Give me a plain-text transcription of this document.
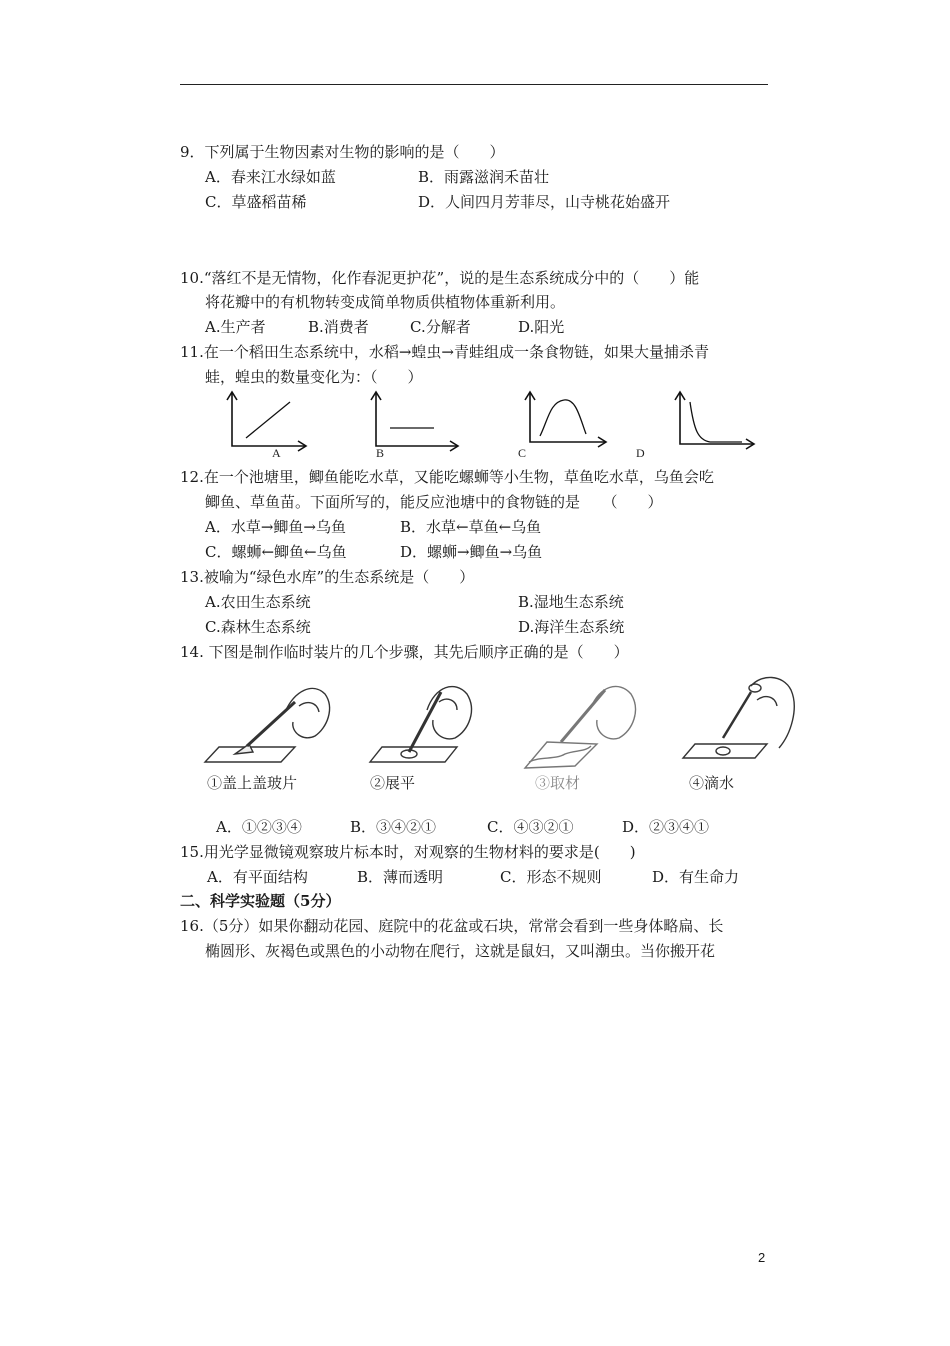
9．下列属于生物因素对生物的影响的是（　　）
A．春来江水绿如蓝	B．雨露滋润禾苗壮
C．草盛稻苗稀	D．人间四月芳菲尽，山寺桃花始盛开
10.“落红不是无情物，化作春泥更护花”，说的是生态系统成分中的（　　）能
将花瓣中的有机物转变成简单物质供植物体重新利用。
A.生产者	B.消费者	C.分解者	D.阳光
11.在一个稻田生态系统中，水稻→蝗虫→青蛙组成一条食物链，如果大量捕杀青
蛙，蝗虫的数量变化为：（　　）
A	B	C	D
12.在一个池塘里，鲫鱼能吃水草，又能吃螺蛳等小生物，草鱼吃水草，乌鱼会吃
鲫鱼、草鱼苗。下面所写的，能反应池塘中的食物链的是　　（　　）
A．水草→鲫鱼→乌鱼	B．水草←草鱼←乌鱼
C．螺蛳←鲫鱼←乌鱼	D．螺蛳→鲫鱼→乌鱼
13.被喻为“绿色水库”的生态系统是（　　）
A.农田生态系统	B.湿地生态系统
C.森林生态系统	D.海洋生态系统
14. 下图是制作临时装片的几个步骤，其先后顺序正确的是（　　）
①盖上盖玻片	②展平	③取材	④滴水
A．①②③④	B．③④②①	C．④③②①	D．②③④①
15.用光学显微镜观察玻片标本时，对观察的生物材料的要求是(　　)
A．有平面结构	B．薄而透明	C．形态不规则	D．有生命力
二、科学实验题（5分）
16.（5分）如果你翻动花园、庭院中的花盆或石块，常常会看到一些身体略扁、长
椭圆形、灰褐色或黑色的小动物在爬行，这就是鼠妇，又叫潮虫。当你搬开花
2
